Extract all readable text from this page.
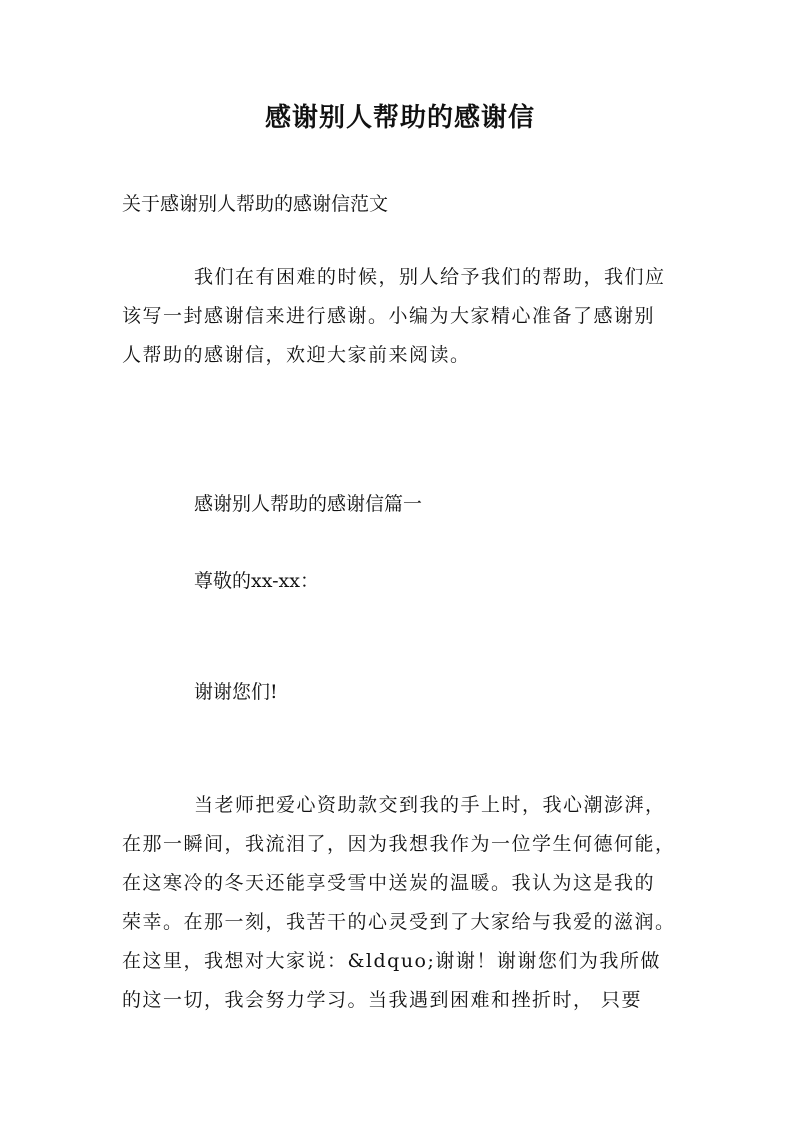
感谢别人帮助的感谢信
关于感谢别人帮助的感谢信范文
我们在有困难的时候，别人给予我们的帮助，我们应
该写一封感谢信来进行感谢。小编为大家精心准备了感谢别
人帮助的感谢信，欢迎大家前来阅读。
感谢别人帮助的感谢信篇一
尊敬的xx-xx：
谢谢您们!
当老师把爱心资助款交到我的手上时，我心潮澎湃，
在那一瞬间，我流泪了，因为我想我作为一位学生何德何能，
在这寒冷的冬天还能享受雪中送炭的温暖。我认为这是我的
荣幸。在那一刻，我苦干的心灵受到了大家给与我爱的滋润。
在这里，我想对大家说：&ldquo;谢谢！谢谢您们为我所做
的这一切，我会努力学习。当我遇到困难和挫折时， 只要
